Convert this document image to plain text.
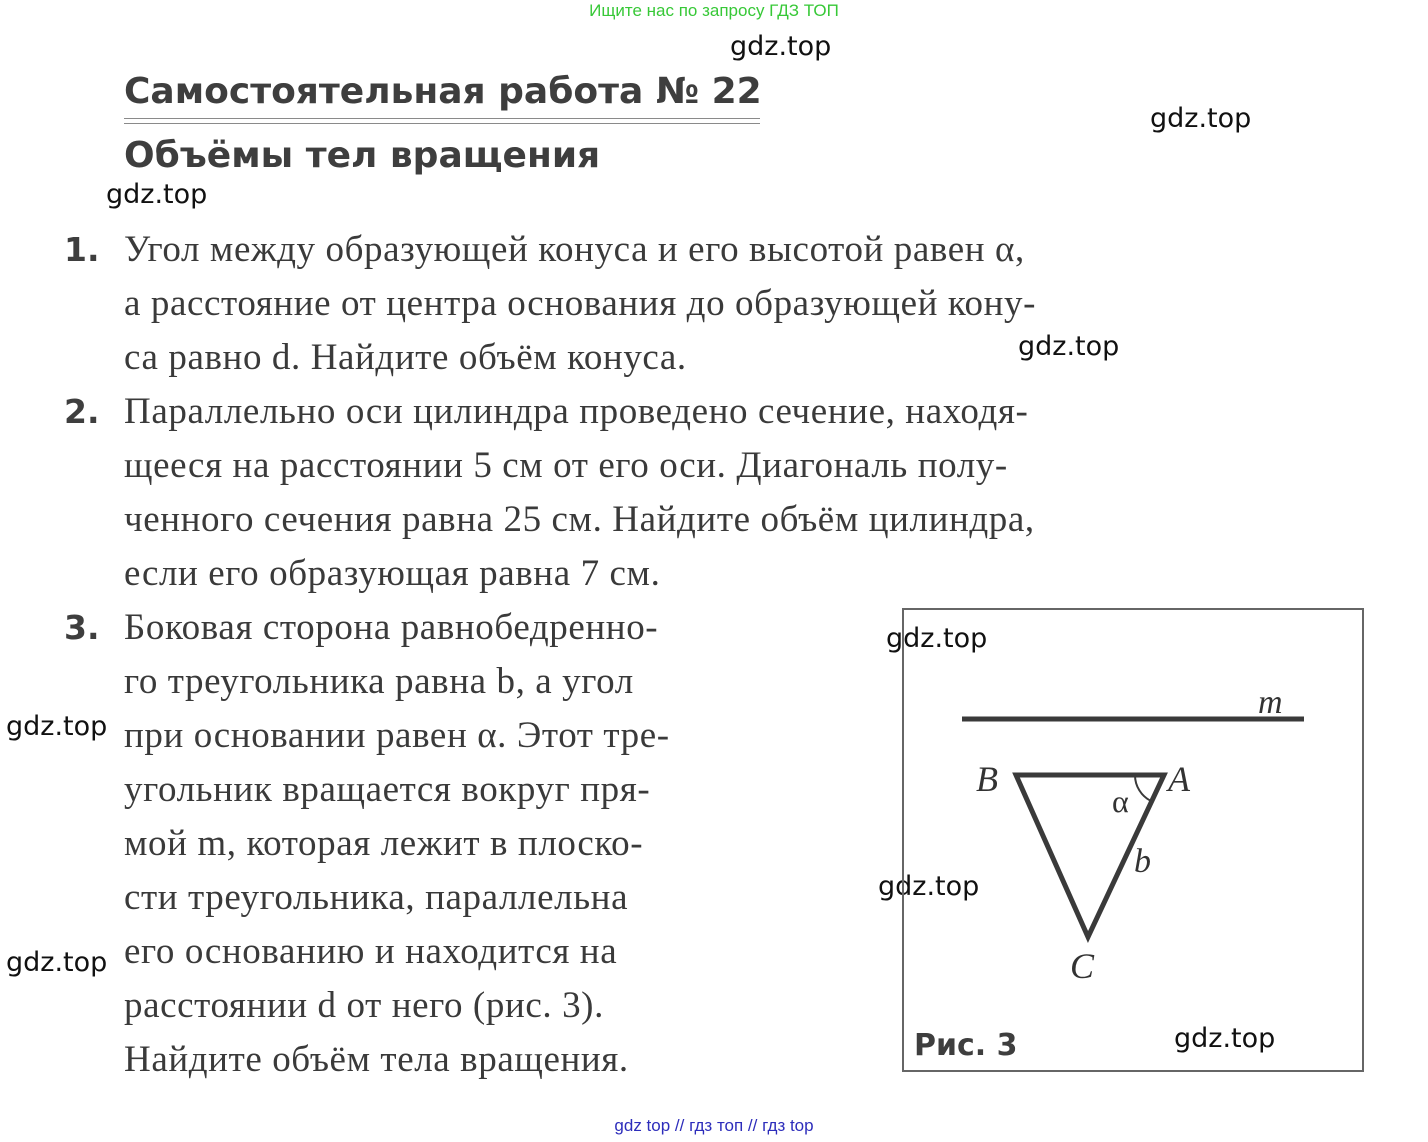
Ищите нас по запросу ГДЗ ТОП
gdz.top
gdz.top
gdz.top
gdz.top
gdz.top
gdz.top
gdz.top
gdz.top
gdz.top
Самостоятельная работа № 22
Объёмы тел вращения
1. Угол между образующей конуса и его высотой равен α,
а расстояние от центра основания до образующей кону-
са равно d. Найдите объём конуса.
2. Параллельно оси цилиндра проведено сечение, находя-
щееся на расстоянии 5 см от его оси. Диагональ полу-
ченного сечения равна 25 см. Найдите объём цилиндра,
если его образующая равна 7 см.
3. Боковая сторона равнобедренно-
го треугольника равна b, а угол
при основании равен α. Этот тре-
угольник вращается вокруг пря-
мой m, которая лежит в плоско-
сти треугольника, параллельна
его основанию и находится на
расстоянии d от него (рис. 3).
Найдите объём тела вращения.
m
B	A
C
α
b
Рис. 3
gdz top // гдз топ // гдз top
